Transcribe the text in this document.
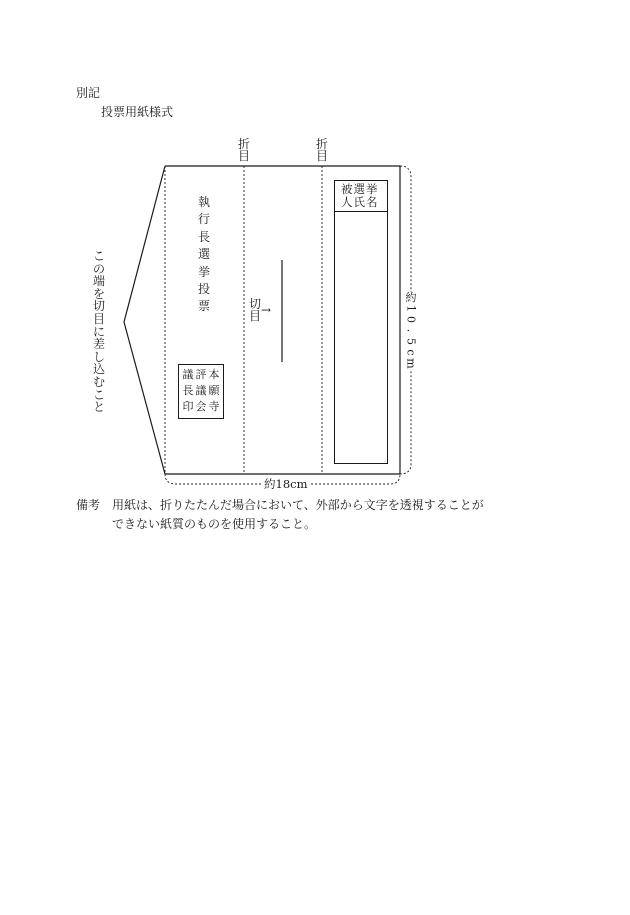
別記
投票用紙様式
折
目
折
目
こ
の
端
を
切
目
に
差
し
込
む
こ
と
執
行
長
選
挙
投
票	切
目 →
議
長
印
評
議
会
本
願
寺
被選挙人氏名
約
1
0
.
5
c
m
約18cm
備考 用紙は、折りたたんだ場合において、外部から文字を透視することが
できない紙質のものを使用すること。
